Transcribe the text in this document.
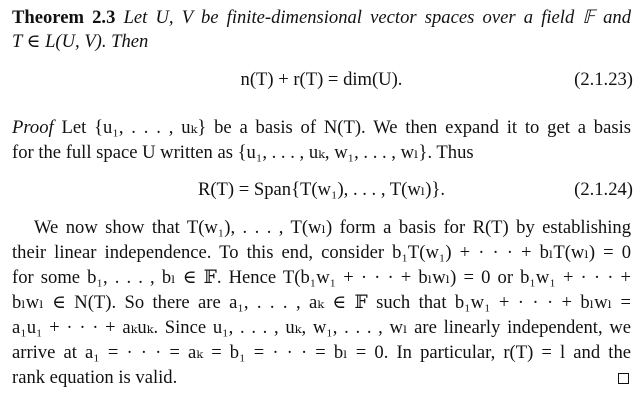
Theorem 2.3 Let U, V be finite-dimensional vector spaces over a field 𝔽 and
T ∈ L(U, V). Then
n(T) + r(T) = dim(U).	(2.1.23)
Proof Let {u₁, . . . , uₖ} be a basis of N(T). We then expand it to get a basis
for the full space U written as {u₁, . . . , uₖ, w₁, . . . , wₗ}. Thus
R(T) = Span{T(w₁), . . . , T(wₗ)}.	(2.1.24)
We now show that T(w₁), . . . , T(wₗ) form a basis for R(T) by establishing
their linear independence. To this end, consider b₁T(w₁) + · · · + bₗT(wₗ) = 0
for some b₁, . . . , bₗ ∈ 𝔽. Hence T(b₁w₁ + · · · + bₗwₗ) = 0 or b₁w₁ + · · · +
bₗwₗ ∈ N(T). So there are a₁, . . . , aₖ ∈ 𝔽 such that b₁w₁ + · · · + bₗwₗ =
a₁u₁ + · · · + aₖuₖ. Since u₁, . . . , uₖ, w₁, . . . , wₗ are linearly independent, we
arrive at a₁ = · · · = aₖ = b₁ = · · · = bₗ = 0. In particular, r(T) = l and the
rank equation is valid.
